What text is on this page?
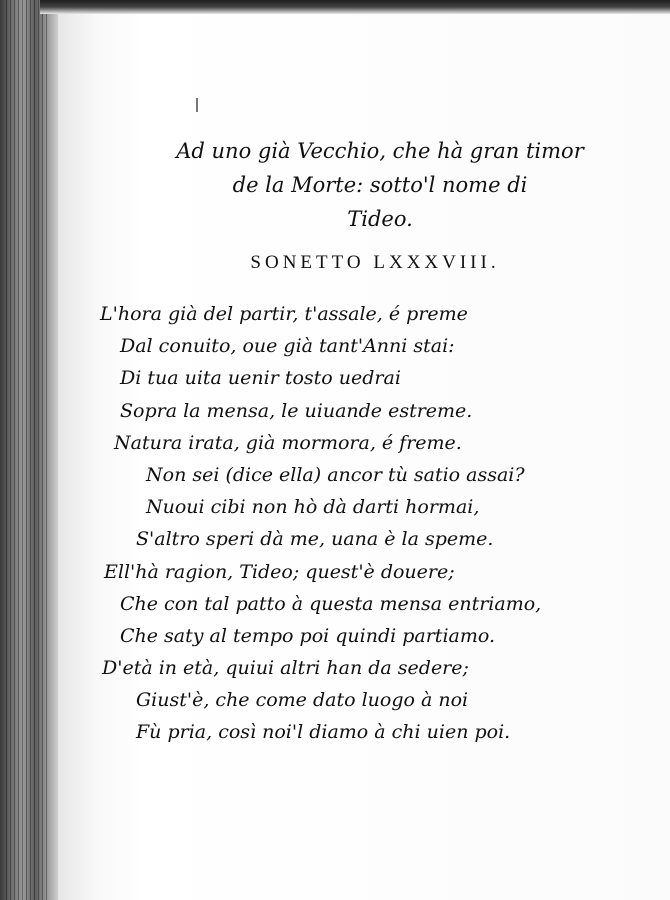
Ad uno già Vecchio, che hà gran timor
de la Morte: sotto'l nome di
Tideo.
SONETTO LXXXVIII.
L'hora già del partir, t'assale, é preme
Dal conuito, oue già tant'Anni stai:
Di tua uita uenir tosto uedrai
Sopra la mensa, le uiuande estreme.
Natura irata, già mormora, é freme.
Non sei (dice ella) ancor tù satio assai?
Nuoui cibi non hò dà darti hormai,
S'altro speri dà me, uana è la speme.
Ell'hà ragion, Tideo; quest'è douere;
Che con tal patto à questa mensa entriamo,
Che saty al tempo poi quindi partiamo.
D'età in età, quiui altri han da sedere;
Giust'è, che come dato luogo à noi
Fù pria, così noi'l diamo à chi uien poi.
